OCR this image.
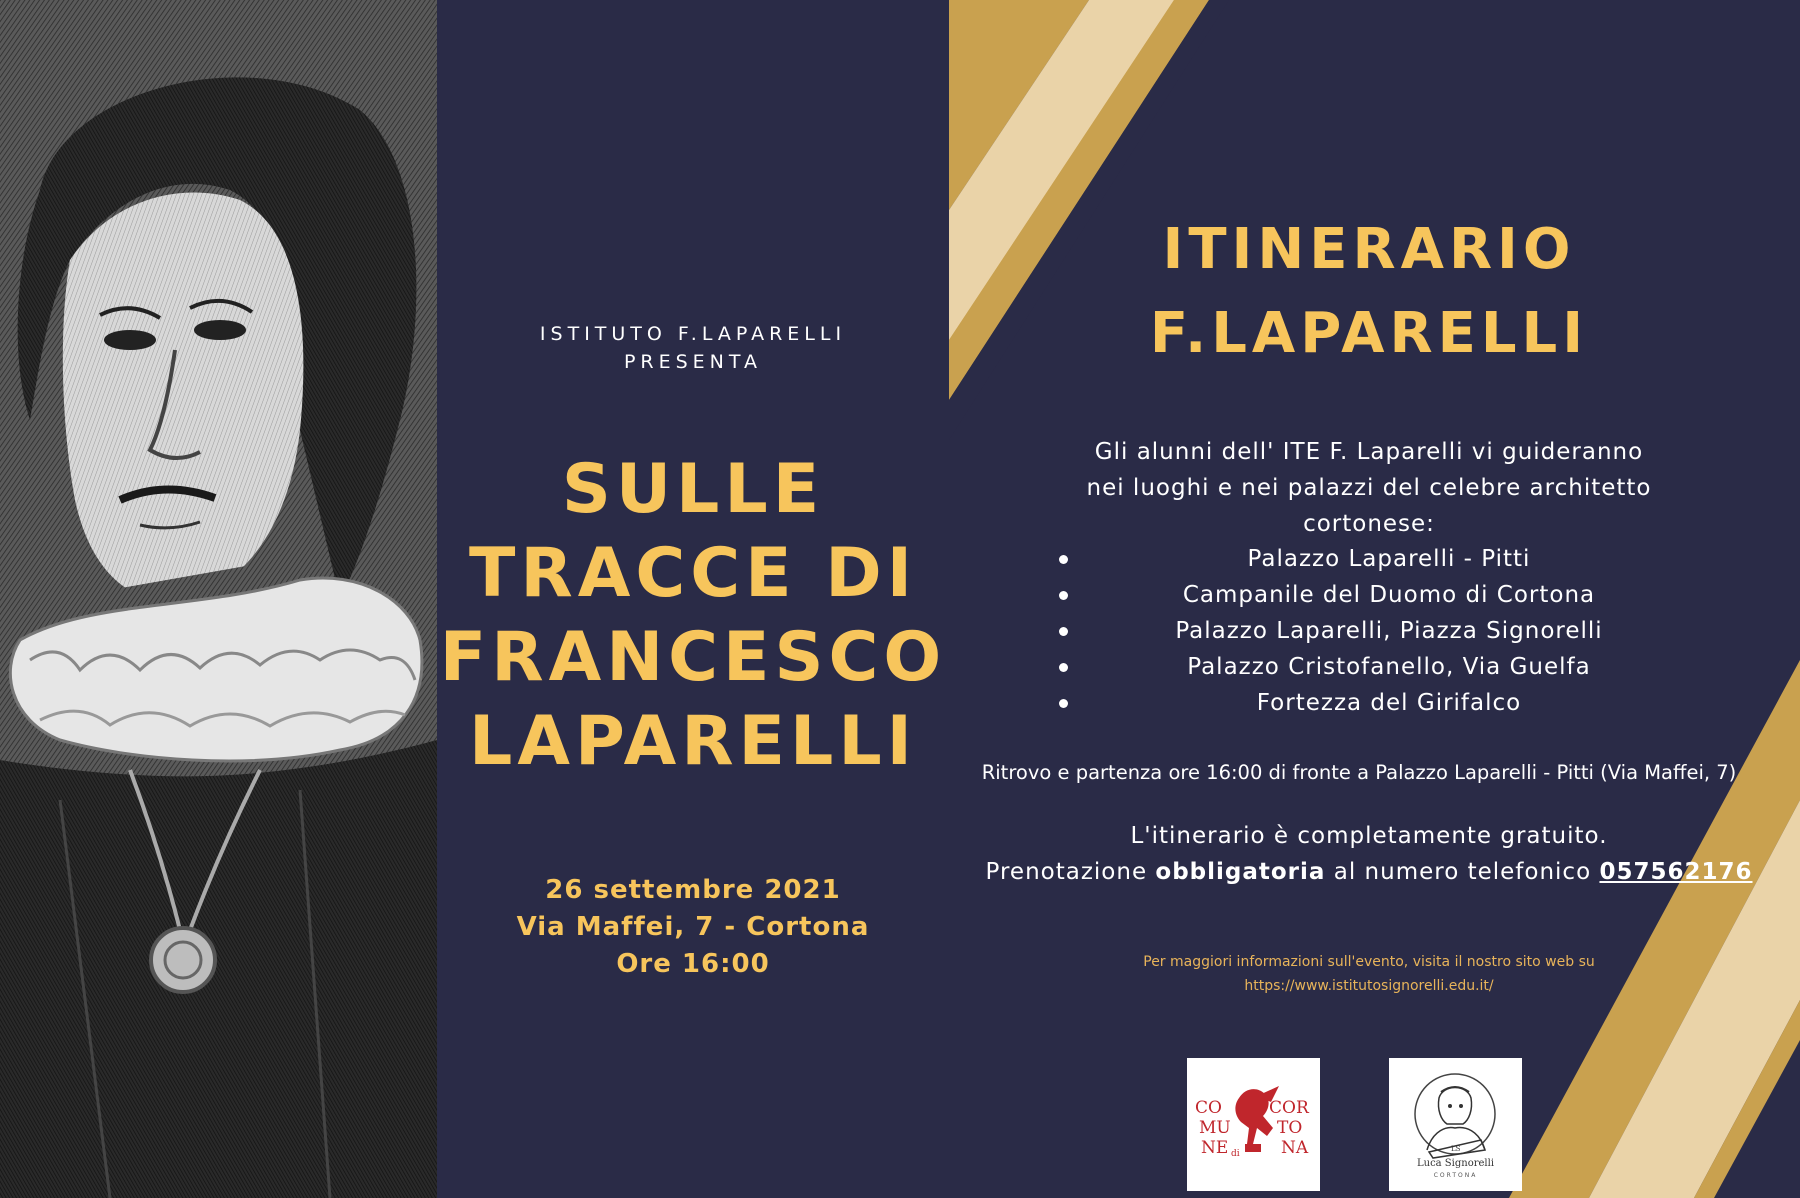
ISTITUTO F.LAPARELLI
PRESENTA
SULLE
TRACCE DI
FRANCESCO
LAPARELLI
26 settembre 2021
Via Maffei, 7 - Cortona
Ore 16:00
ITINERARIO
F.LAPARELLI
Gli alunni dell' ITE F. Laparelli vi guideranno
nei luoghi e nei palazzi del celebre architetto
cortonese:
Palazzo Laparelli - Pitti
Campanile del Duomo di Cortona
Palazzo Laparelli, Piazza Signorelli
Palazzo Cristofanello, Via Guelfa
Fortezza del Girifalco
Ritrovo e partenza ore 16:00 di fronte a Palazzo Laparelli - Pitti (Via Maffei, 7)
L'itinerario è completamente gratuito.
Prenotazione obbligatoria al numero telefonico 057562176
Per maggiori informazioni sull'evento, visita il nostro sito web su
https://www.istitutosignorelli.edu.it/
CO
MU
NE di
COR
TO
NA	LS
Luca Signorelli
CORTONA
